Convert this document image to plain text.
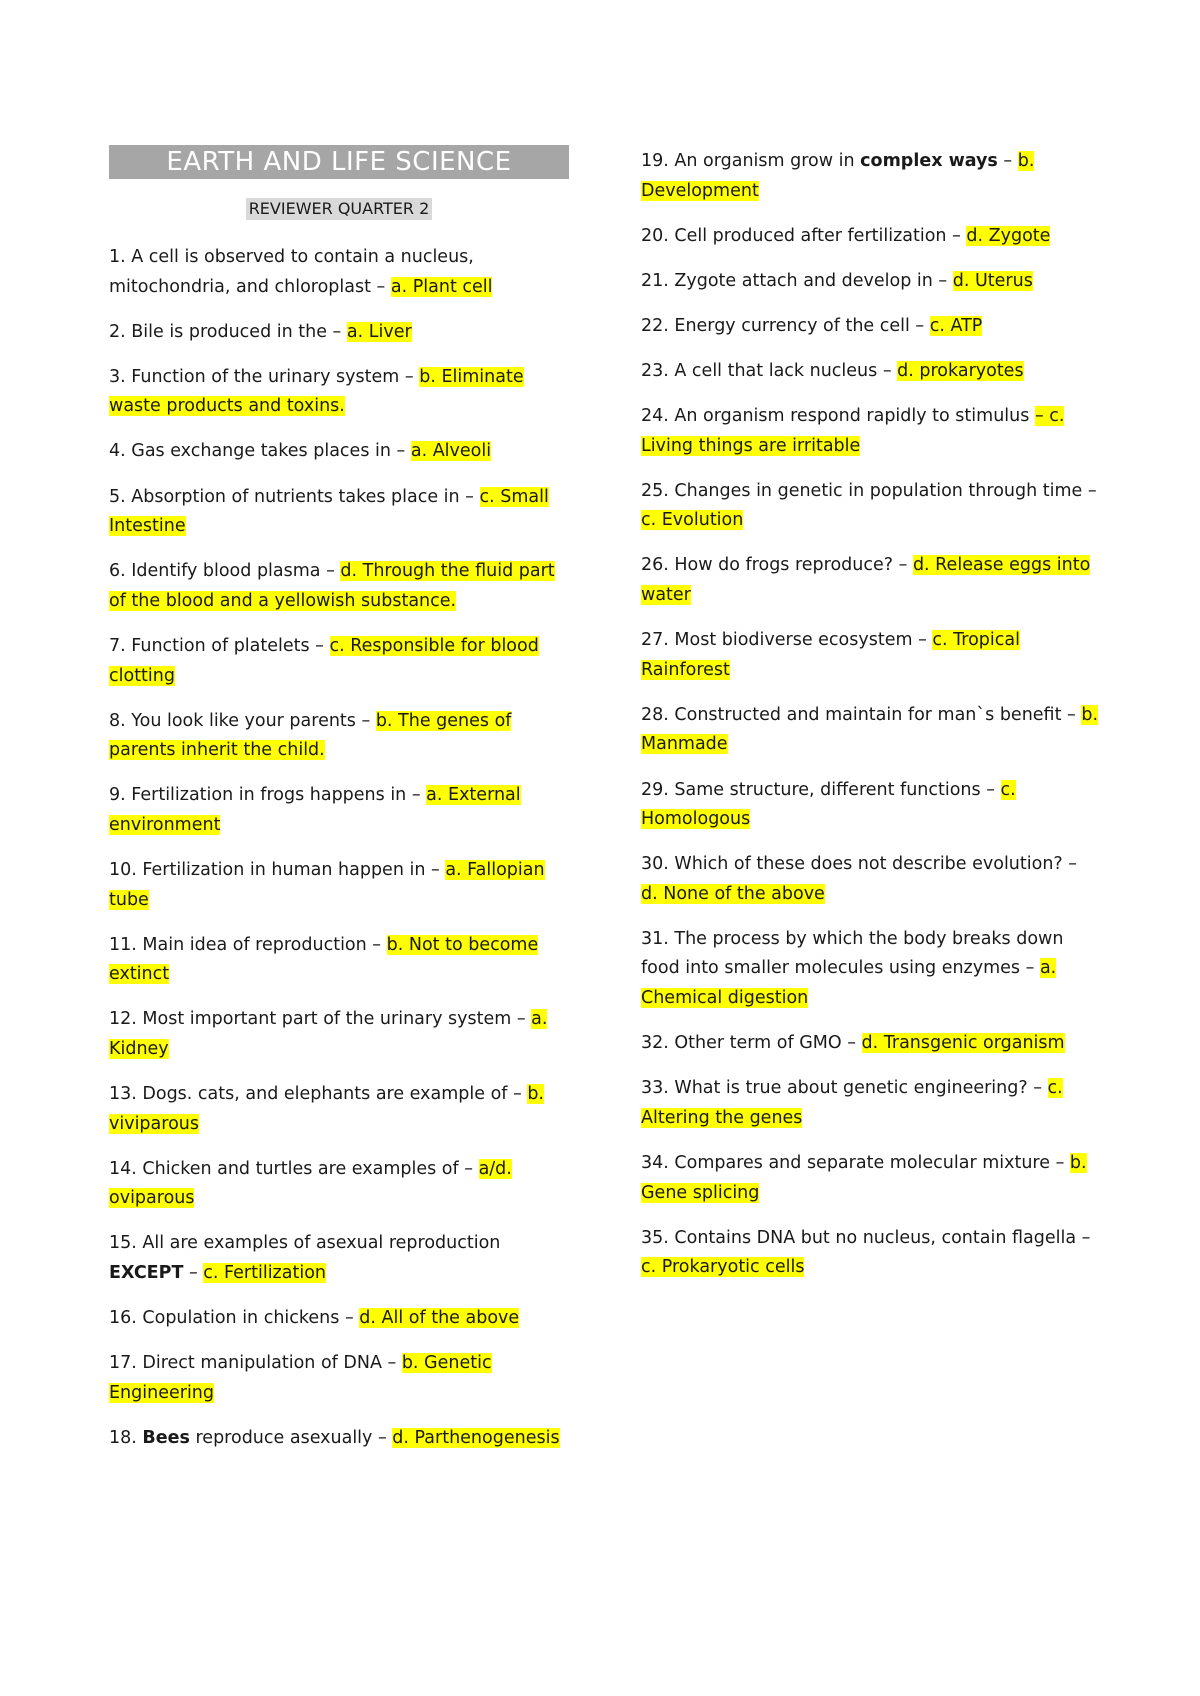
EARTH AND LIFE SCIENCE
REVIEWER QUARTER 2

1. A cell is observed to contain a nucleus, mitochondria, and chloroplast – a. Plant cell

2. Bile is produced in the – a. Liver

3. Function of the urinary system – b. Eliminate waste products and toxins.

4. Gas exchange takes places in – a. Alveoli

5. Absorption of nutrients takes place in – c. Small Intestine

6. Identify blood plasma – d. Through the fluid part of the blood and a yellowish substance.

7. Function of platelets – c. Responsible for blood clotting

8. You look like your parents – b. The genes of parents inherit the child.

9. Fertilization in frogs happens in – a. External environment

10. Fertilization in human happen in – a. Fallopian tube

11. Main idea of reproduction – b. Not to become extinct

12. Most important part of the urinary system – a. Kidney

13. Dogs. cats, and elephants are example of – b. viviparous

14. Chicken and turtles are examples of – a/d. oviparous

15. All are examples of asexual reproduction EXCEPT – c. Fertilization

16. Copulation in chickens – d. All of the above

17. Direct manipulation of DNA – b. Genetic Engineering

18. Bees reproduce asexually – d. Parthenogenesis

19. An organism grow in complex ways – b. Development

20. Cell produced after fertilization – d. Zygote

21. Zygote attach and develop in – d. Uterus

22. Energy currency of the cell – c. ATP

23. A cell that lack nucleus – d. prokaryotes

24. An organism respond rapidly to stimulus – c. Living things are irritable

25. Changes in genetic in population through time – c. Evolution

26. How do frogs reproduce? – d. Release eggs into water

27. Most biodiverse ecosystem – c. Tropical Rainforest

28. Constructed and maintain for man`s benefit – b. Manmade

29. Same structure, different functions – c. Homologous

30. Which of these does not describe evolution? – d. None of the above

31. The process by which the body breaks down food into smaller molecules using enzymes – a. Chemical digestion

32. Other term of GMO – d. Transgenic organism

33. What is true about genetic engineering? – c. Altering the genes

34. Compares and separate molecular mixture – b. Gene splicing

35. Contains DNA but no nucleus, contain flagella – c. Prokaryotic cells
